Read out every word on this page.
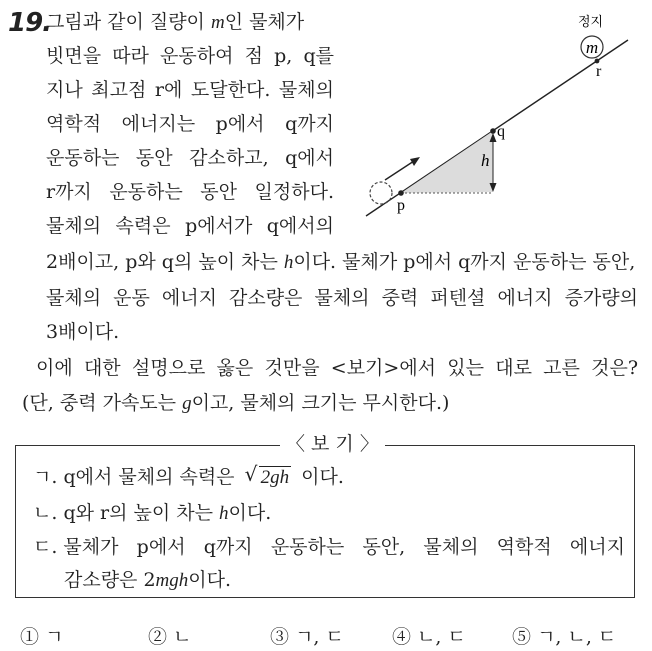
19.
그림과 같이 질량이 m인 물체가
빗면을 따라 운동하여 점 p, q를
지나 최고점 r에 도달한다. 물체의
역학적 에너지는 p에서 q까지
운동하는 동안 감소하고, q에서
r까지 운동하는 동안 일정하다.
물체의 속력은 p에서가 q에서의
2배이고, p와 q의 높이 차는 h이다. 물체가 p에서 q까지 운동하는 동안,
물체의 운동 에너지 감소량은 물체의 중력 퍼텐셜 에너지 증가량의
3배이다.
이에 대한 설명으로 옳은 것만을 <보기>에서 있는 대로 고른 것은?
(단, 중력 가속도는 g이고, 물체의 크기는 무시한다.)
m
정지
r
q
p
h
〈 보 기 〉
ㄱ. q에서 물체의 속력은 √ 2gh 이다.
ㄴ. q와 r의 높이 차는 h이다.
ㄷ. 물체가 p에서 q까지 운동하는 동안, 물체의 역학적 에너지
감소량은 2mgh이다.
① ㄱ	② ㄴ	③ ㄱ, ㄷ	④ ㄴ, ㄷ ⑤ ㄱ, ㄴ, ㄷ
